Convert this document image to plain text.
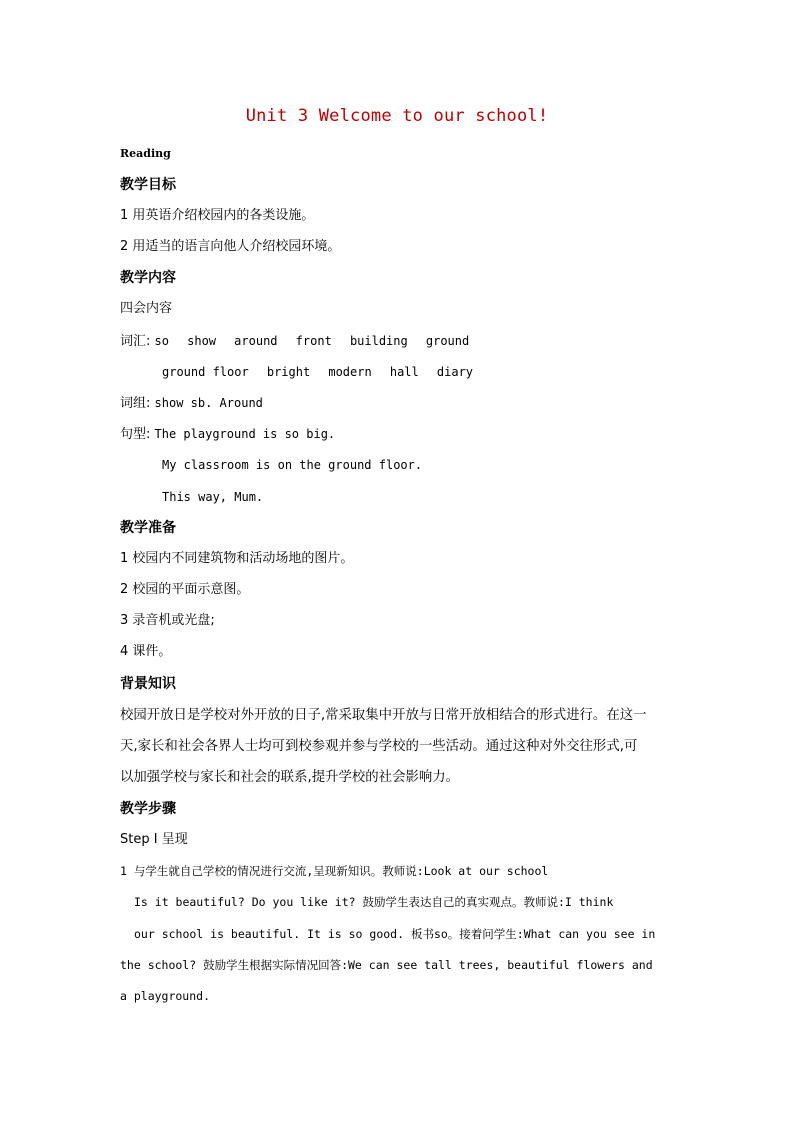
Unit 3 Welcome to our school!
Reading
教学目标
1 用英语介绍校园内的各类设施。
2 用适当的语言向他人介绍校园环境。
教学内容
四会内容
词汇: so show around front building ground
ground floor bright modern hall diary
词组: show sb. Around
句型: The playground is so big.
My classroom is on the ground floor.
This way, Mum.
教学准备
1 校园内不同建筑物和活动场地的图片。
2 校园的平面示意图。
3 录音机或光盘;
4 课件。
背景知识
校园开放日是学校对外开放的日子,常采取集中开放与日常开放相结合的形式进行。在这一
天,家长和社会各界人士均可到校参观并参与学校的一些活动。通过这种对外交往形式,可
以加强学校与家长和社会的联系,提升学校的社会影响力。
教学步骤
Step I 呈现
1 与学生就自己学校的情况进行交流,呈现新知识。教师说:Look at our school
Is it beautiful? Do you like it? 鼓励学生表达自己的真实观点。教师说:I think
our school is beautiful. It is so good. 板书so。接着问学生:What can you see in
the school? 鼓励学生根据实际情况回答:We can see tall trees, beautiful flowers and
a playground.
